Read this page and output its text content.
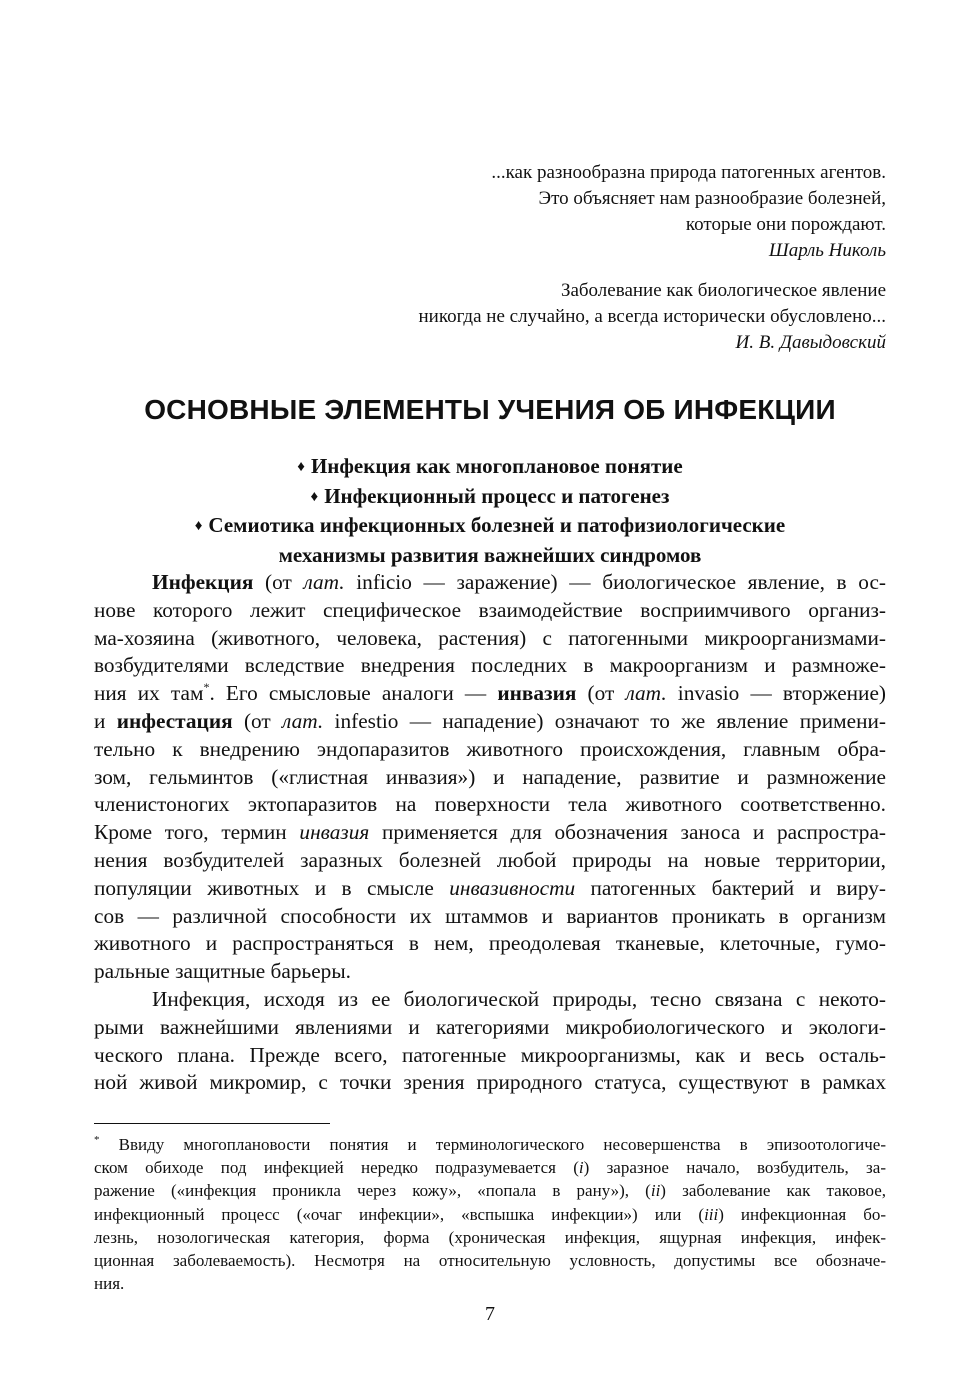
...как разнообразна природа патогенных агентов.
Это объясняет нам разнообразие болезней,
которые они порождают.
Шарль Николь
Заболевание как биологическое явление
никогда не случайно, а всегда исторически обусловлено...
И. В. Давыдовский
ОСНОВНЫЕ ЭЛЕМЕНТЫ УЧЕНИЯ ОБ ИНФЕКЦИИ
♦ Инфекция как многоплановое понятие
♦ Инфекционный процесс и патогенез
♦ Семиотика инфекционных болезней и патофизиологические
механизмы развития важнейших синдромов
Инфекция (от лат. inficio — заражение) — биологическое явление, в ос-
нове которого лежит специфическое взаимодействие восприимчивого организ-
ма-хозяина (животного, человека, растения) с патогенными микроорганизмами-
возбудителями вследствие внедрения последних в макроорганизм и размноже-
ния их там*. Его смысловые аналоги — инвазия (от лат. invasio — вторжение)
и инфестация (от лат. infestio — нападение) означают то же явление примени-
тельно к внедрению эндопаразитов животного происхождения, главным обра-
зом, гельминтов («глистная инвазия») и нападение, развитие и размножение
членистоногих эктопаразитов на поверхности тела животного соответственно.
Кроме того, термин инвазия применяется для обозначения заноса и распростра-
нения возбудителей заразных болезней любой природы на новые территории,
популяции животных и в смысле инвазивности патогенных бактерий и виру-
сов — различной способности их штаммов и вариантов проникать в организм
животного и распространяться в нем, преодолевая тканевые, клеточные, гумо-
ральные защитные барьеры.
Инфекция, исходя из ее биологической природы, тесно связана с некото-
рыми важнейшими явлениями и категориями микробиологического и экологи-
ческого плана. Прежде всего, патогенные микроорганизмы, как и весь осталь-
ной живой микромир, с точки зрения природного статуса, существуют в рамках
* Ввиду многоплановости понятия и терминологического несовершенства в эпизоотологиче-
ском обиходе под инфекцией нередко подразумевается (i) заразное начало, возбудитель, за-
ражение («инфекция проникла через кожу», «попала в рану»), (ii) заболевание как таковое,
инфекционный процесс («очаг инфекции», «вспышка инфекции») или (iii) инфекционная бо-
лезнь, нозологическая категория, форма (хроническая инфекция, ящурная инфекция, инфек-
ционная заболеваемость). Несмотря на относительную условность, допустимы все обозначе-
ния.
7
